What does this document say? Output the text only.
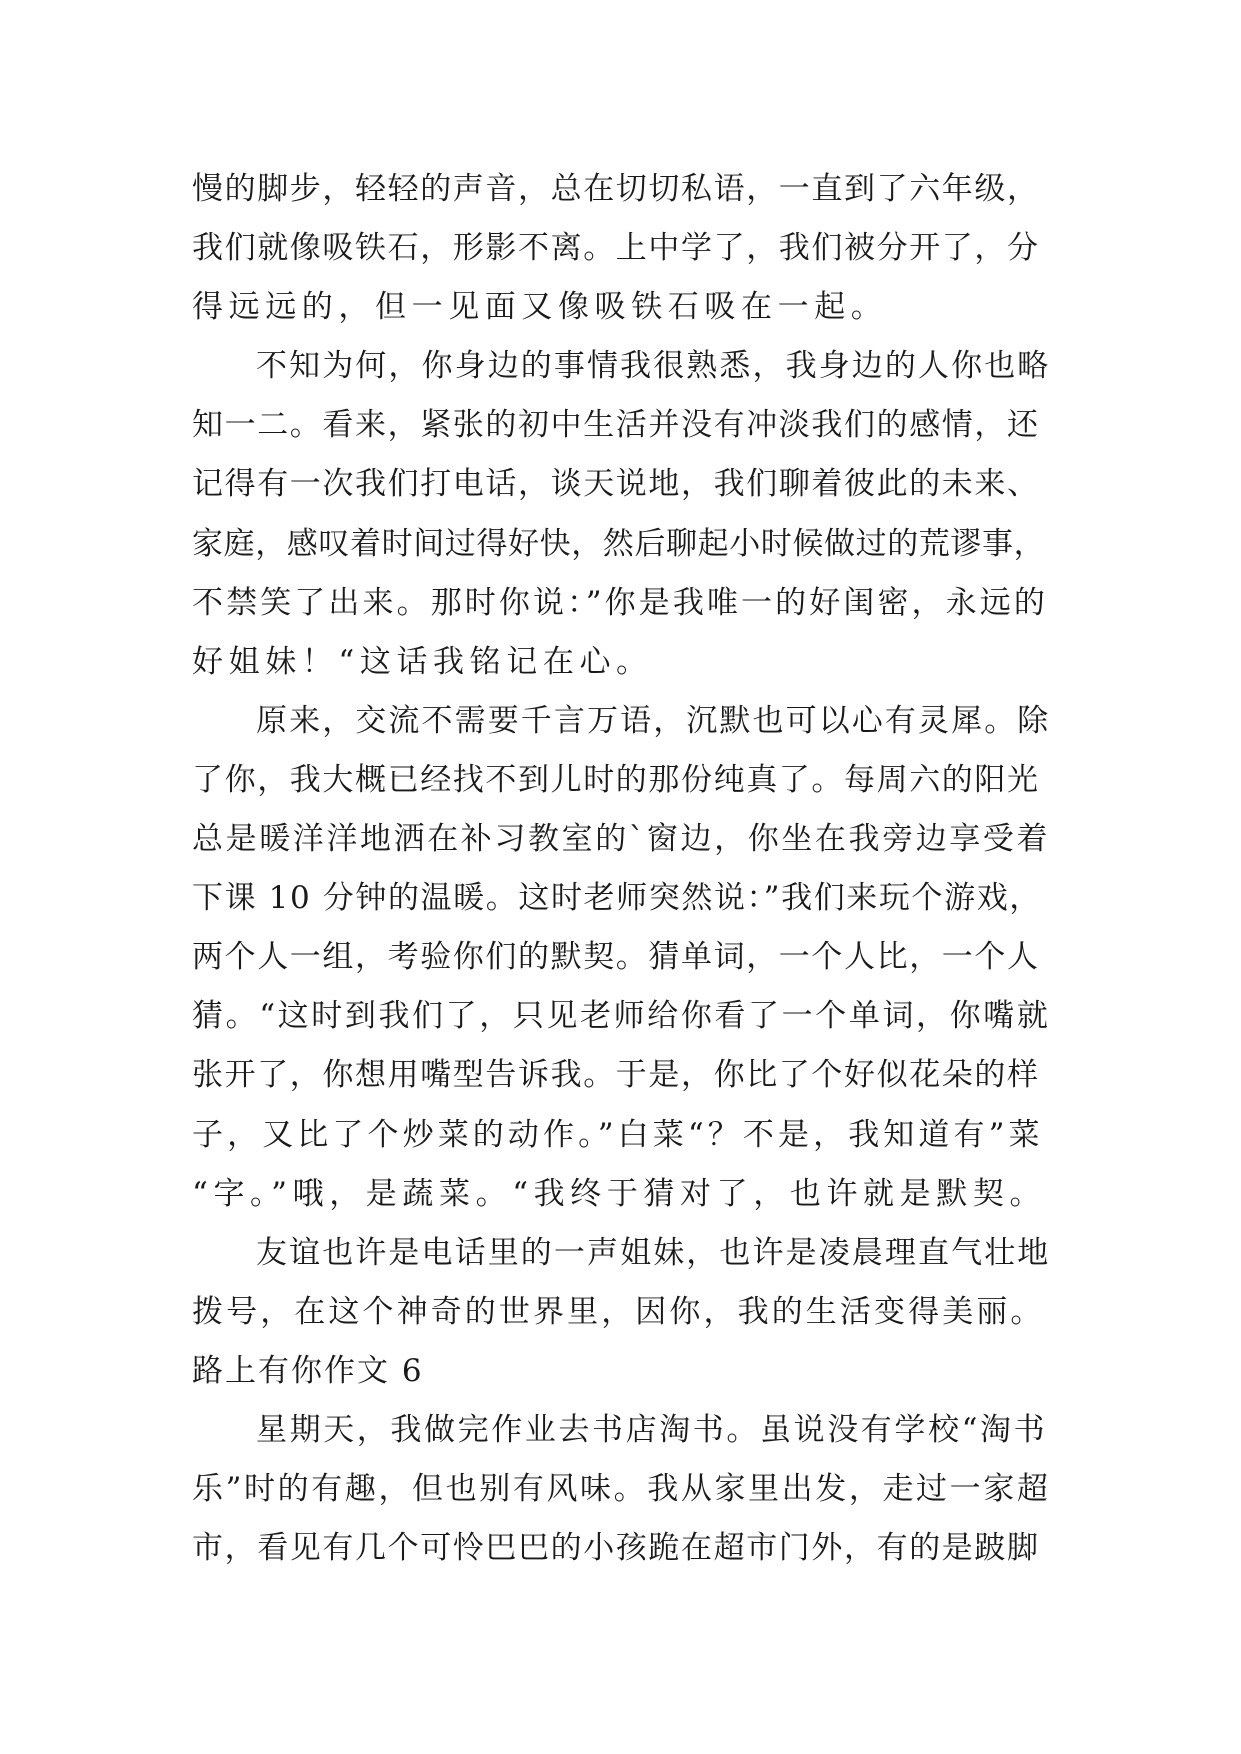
慢的脚步，轻轻的声音，总在切切私语，一直到了六年级，
我们就像吸铁石，形影不离。上中学了，我们被分开了，分
得远远的，但一见面又像吸铁石吸在一起。
不知为何，你身边的事情我很熟悉，我身边的人你也略
知一二。看来，紧张的初中生活并没有冲淡我们的感情，还
记得有一次我们打电话，谈天说地，我们聊着彼此的未来、
家庭，感叹着时间过得好快，然后聊起小时候做过的荒谬事，
不禁笑了出来。那时你说：”你是我唯一的好闺密，永远的
好姐妹！“这话我铭记在心。
原来，交流不需要千言万语，沉默也可以心有灵犀。除
了你，我大概已经找不到儿时的那份纯真了。每周六的阳光
总是暖洋洋地洒在补习教室的`窗边，你坐在我旁边享受着
下课 10 分钟的温暖。这时老师突然说：”我们来玩个游戏，
两个人一组，考验你们的默契。猜单词，一个人比，一个人
猜。“这时到我们了，只见老师给你看了一个单词，你嘴就
张开了，你想用嘴型告诉我。于是，你比了个好似花朵的样
子，又比了个炒菜的动作。”白菜“？不是，我知道有”菜
“字。”哦，是蔬菜。“我终于猜对了，也许就是默契。
友谊也许是电话里的一声姐妹，也许是凌晨理直气壮地
拨号，在这个神奇的世界里，因你，我的生活变得美丽。
路上有你作文 6
星期天，我做完作业去书店淘书。虽说没有学校“淘书
乐”时的有趣，但也别有风味。我从家里出发，走过一家超
市，看见有几个可怜巴巴的小孩跪在超市门外，有的是跛脚
